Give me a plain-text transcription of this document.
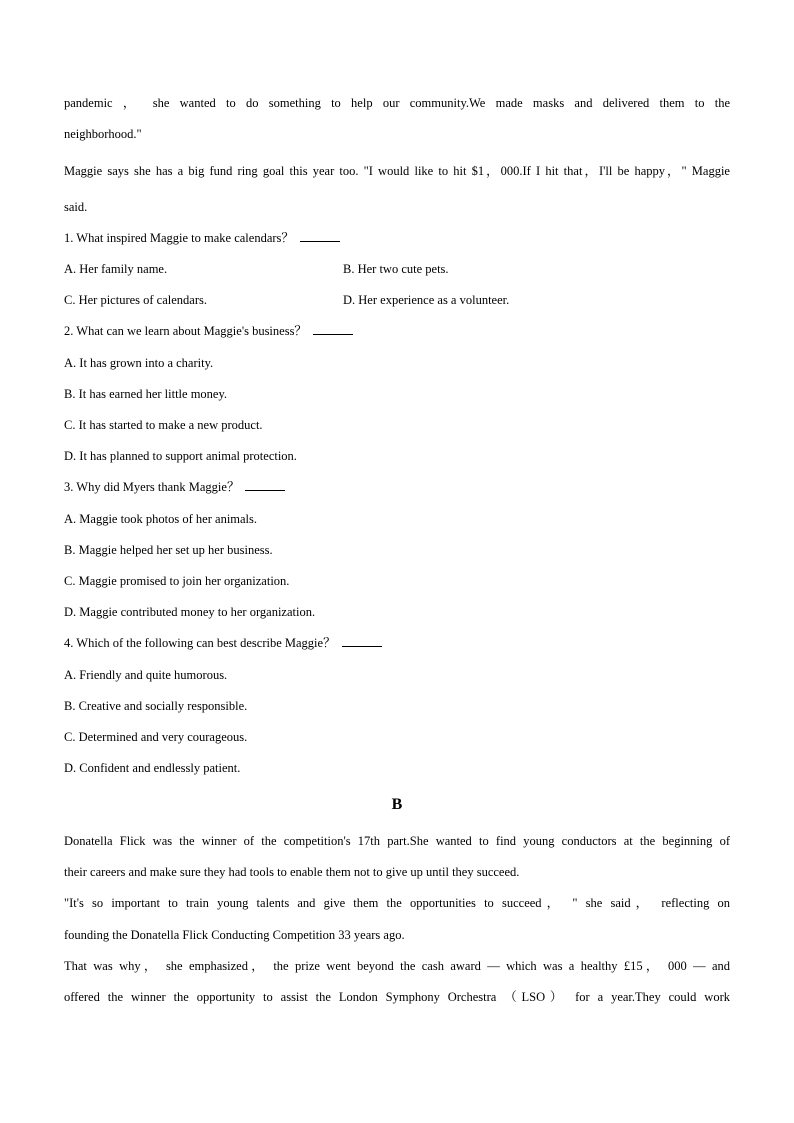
pandemic ， she wanted to do something to help our community.We made masks and delivered them to the
neighborhood."
Maggie says she has a big fund ring goal this year too. "I would like to hit $1，000.If I hit that，I'll be happy，" Maggie
said.
1. What inspired Maggie to make calendars？
A. Her family name.	B. Her two cute pets.
C. Her pictures of calendars.	D. Her experience as a volunteer.
2. What can we learn about Maggie's business？
A. It has grown into a charity.
B. It has earned her little money.
C. It has started to make a new product.
D. It has planned to support animal protection.
3. Why did Myers thank Maggie？
A. Maggie took photos of her animals.
B. Maggie helped her set up her business.
C. Maggie promised to join her organization.
D. Maggie contributed money to her organization.
4. Which of the following can best describe Maggie？
A. Friendly and quite humorous.
B. Creative and socially responsible.
C. Determined and very courageous.
D. Confident and endlessly patient.
B
Donatella Flick was the winner of the competition's 17th part.She wanted to find young conductors at the beginning of
their careers and make sure they had tools to enable them not to give up until they succeed.
"It's so important to train young talents and give them the opportunities to succeed， " she said， reflecting on
founding the Donatella Flick Conducting Competition 33 years ago.
That was why， she emphasized， the prize went beyond the cash award — which was a healthy £15， 000 — and
offered the winner the opportunity to assist the London Symphony Orchestra （LSO） for a year.They could work
